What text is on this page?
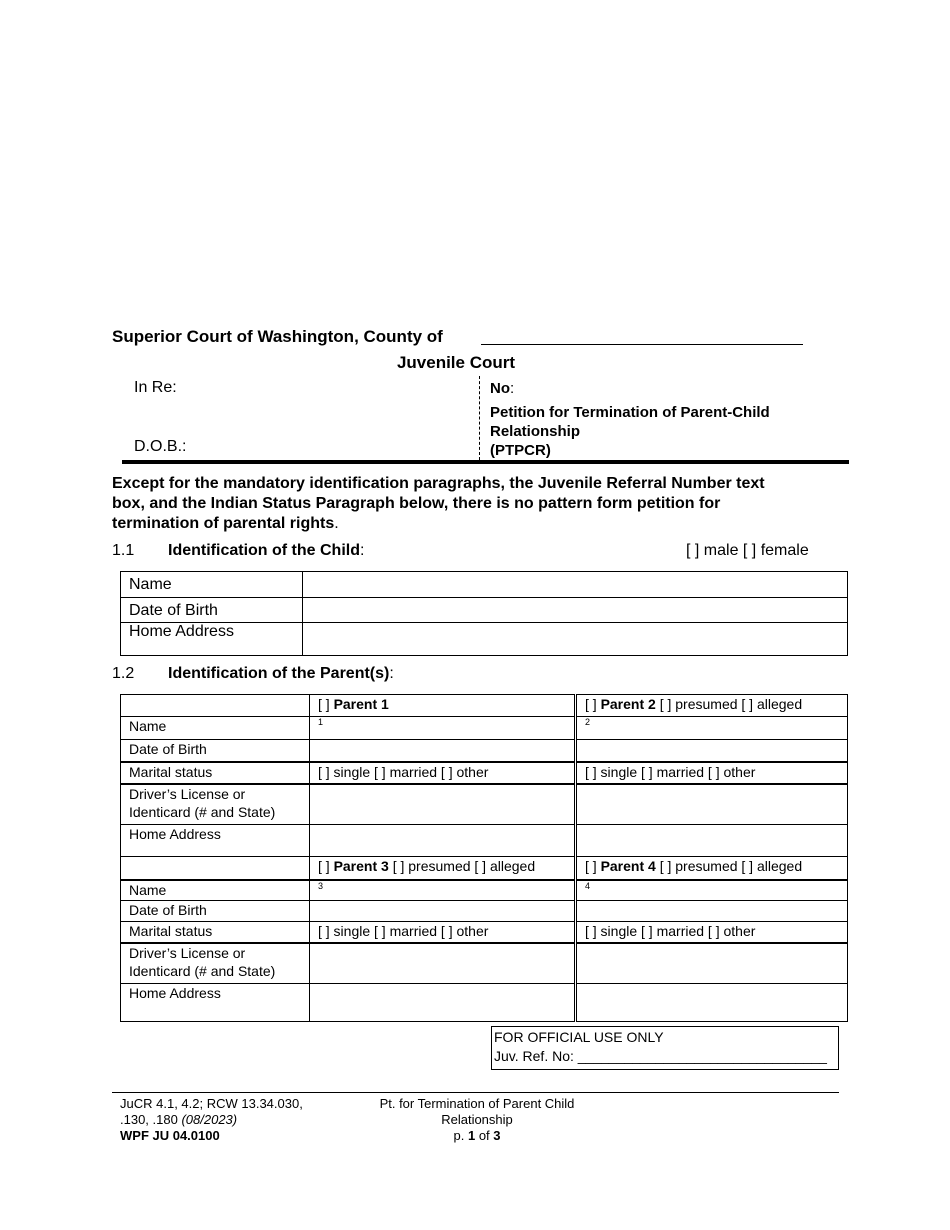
Superior Court of Washington, County of
Juvenile Court
In Re:
D.O.B.:
No:
Petition for Termination of Parent-Child
Relationship
(PTPCR)
Except for the mandatory identification paragraphs, the Juvenile Referral Number text
box, and the Indian Status Paragraph below, there is no pattern form petition for
termination of parental rights.
1.1 Identification of the Child:	[ ] male [ ] female
Name	
Date of Birth	
Home Address	
1.2 Identification of the Parent(s):
	[ ] Parent 1	[ ] Parent 2 [ ] presumed [ ] alleged
Name	$^1$	$^2$
Date of Birth		
Marital status	[ ] single [ ] married [ ] other	[ ] single [ ] married [ ] other

Driver’s License or
Identicard (# and State)		

Home Address		
	[ ] Parent 3 [ ] presumed [ ] alleged	[ ] Parent 4 [ ] presumed [ ] alleged
Name	$^3$	$^4$
Date of Birth		
Marital status	[ ] single [ ] married [ ] other	[ ] single [ ] married [ ] other

Driver’s License or
Identicard (# and State)		

Home Address		
FOR OFFICIAL USE ONLY
Juv. Ref. No: ________________________________
JuCR 4.1, 4.2; RCW 13.34.030,
.130, .180 (08/2023)
WPF JU 04.0100
Pt. for Termination of Parent Child
Relationship
p. 1 of 3
